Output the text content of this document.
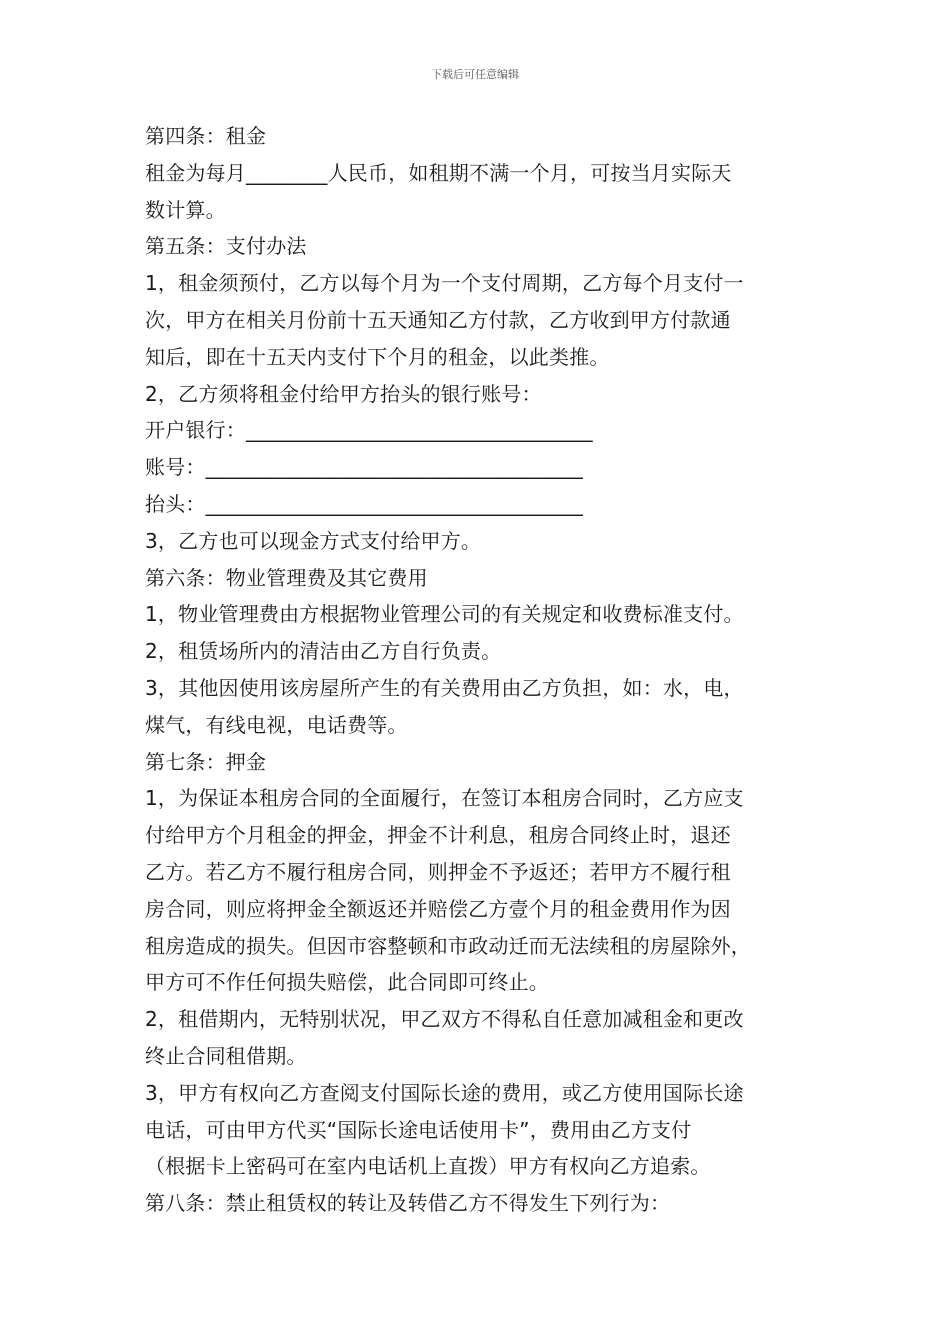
下载后可任意编辑
第四条：租金
租金为每月________人民币，如租期不满一个月，可按当月实际天
数计算。
第五条：支付办法
1，租金须预付，乙方以每个月为一个支付周期，乙方每个月支付一
次，甲方在相关月份前十五天通知乙方付款，乙方收到甲方付款通
知后，即在十五天内支付下个月的租金，以此类推。
2，乙方须将租金付给甲方抬头的银行账号：
开户银行：__________________________________
账号：_____________________________________
抬头：_____________________________________
3，乙方也可以现金方式支付给甲方。
第六条：物业管理费及其它费用
1，物业管理费由方根据物业管理公司的有关规定和收费标准支付。
2，租赁场所内的清洁由乙方自行负责。
3，其他因使用该房屋所产生的有关费用由乙方负担，如：水，电，
煤气，有线电视，电话费等。
第七条：押金
1，为保证本租房合同的全面履行，在签订本租房合同时，乙方应支
付给甲方个月租金的押金，押金不计利息，租房合同终止时，退还
乙方。若乙方不履行租房合同，则押金不予返还；若甲方不履行租
房合同，则应将押金全额返还并赔偿乙方壹个月的租金费用作为因
租房造成的损失。但因市容整顿和市政动迁而无法续租的房屋除外，
甲方可不作任何损失赔偿，此合同即可终止。
2，租借期内，无特别状况，甲乙双方不得私自任意加减租金和更改
终止合同租借期。
3，甲方有权向乙方查阅支付国际长途的费用，或乙方使用国际长途
电话，可由甲方代买“国际长途电话使用卡”，费用由乙方支付
（根据卡上密码可在室内电话机上直拨）甲方有权向乙方追索。
第八条：禁止租赁权的转让及转借乙方不得发生下列行为：
